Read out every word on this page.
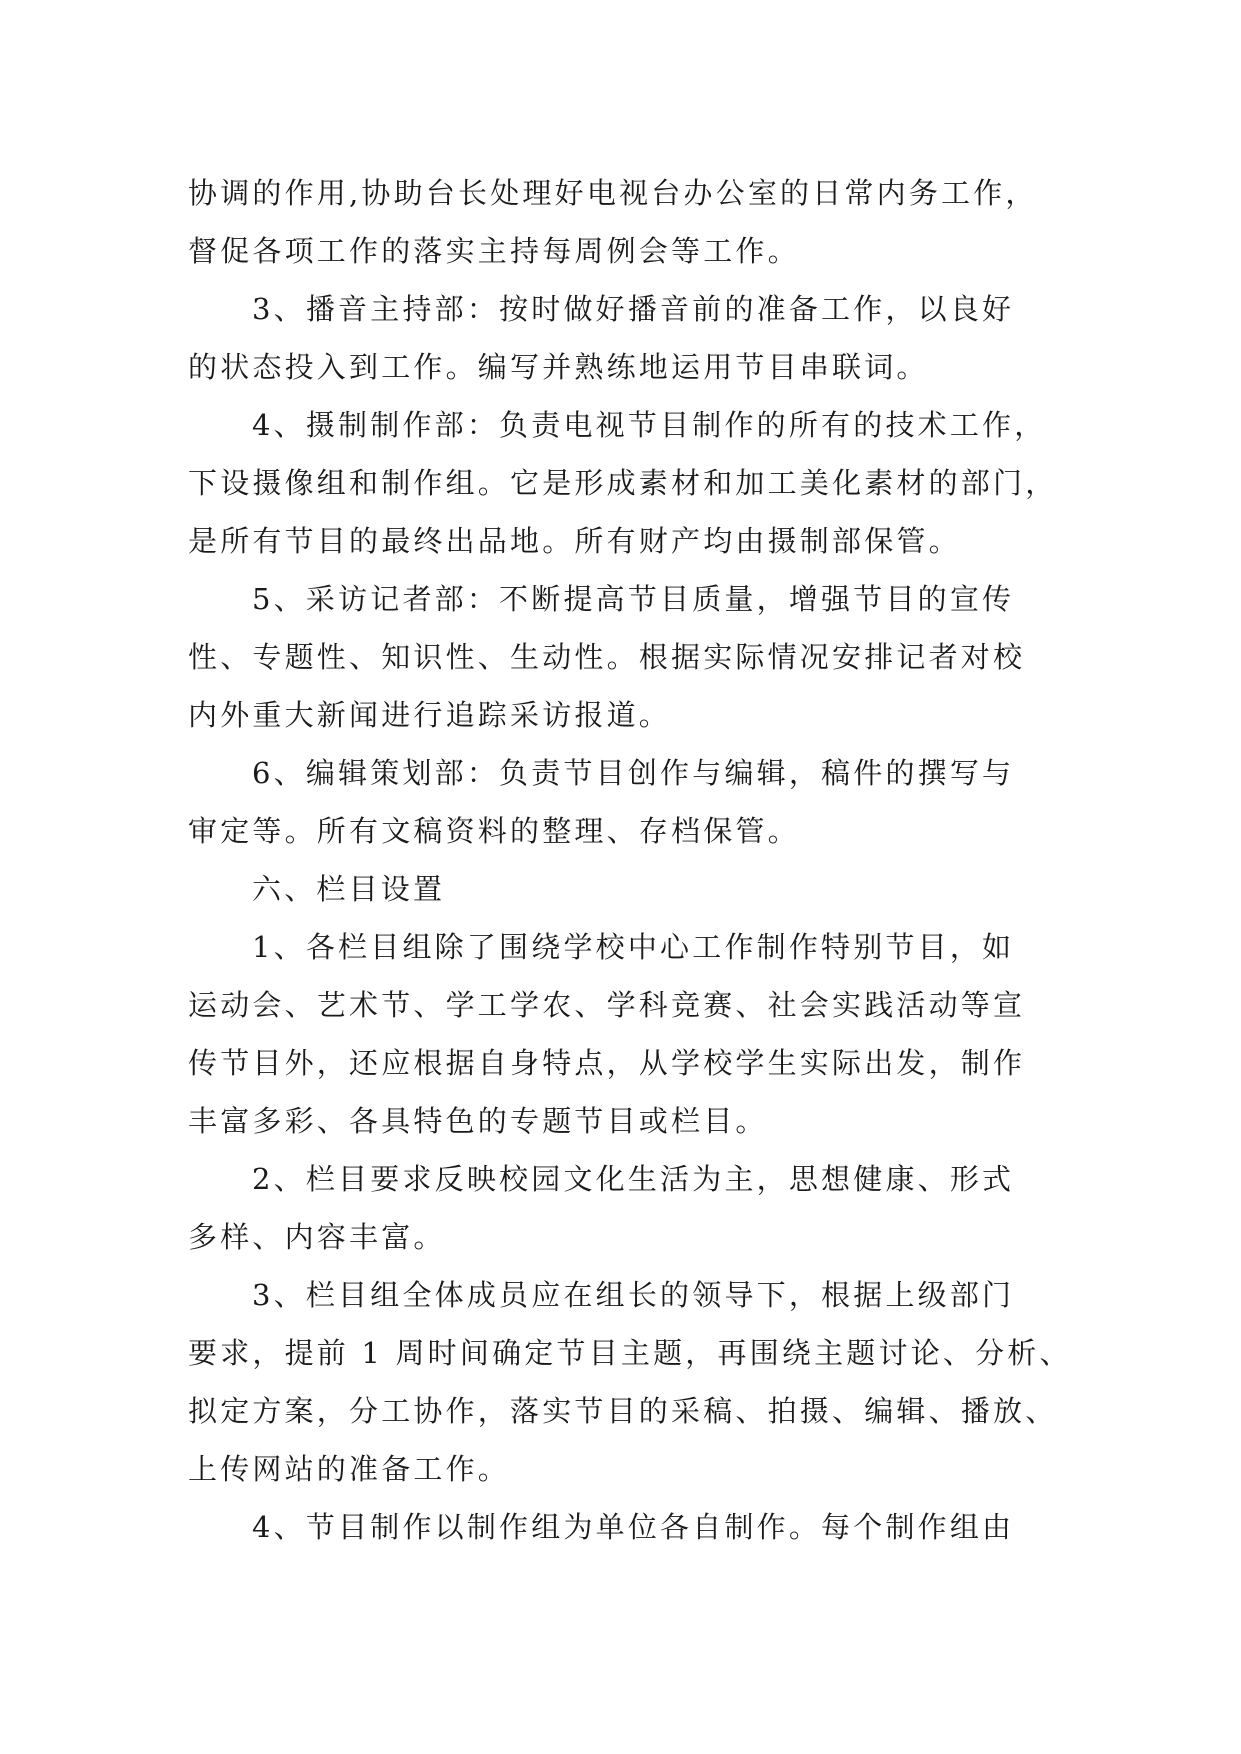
协调的作用,协助台长处理好电视台办公室的日常内务工作，
督促各项工作的落实主持每周例会等工作。
3、播音主持部：按时做好播音前的准备工作，以良好
的状态投入到工作。编写并熟练地运用节目串联词。
4、摄制制作部：负责电视节目制作的所有的技术工作，
下设摄像组和制作组。它是形成素材和加工美化素材的部门，
是所有节目的最终出品地。所有财产均由摄制部保管。
5、采访记者部：不断提高节目质量，增强节目的宣传
性、专题性、知识性、生动性。根据实际情况安排记者对校
内外重大新闻进行追踪采访报道。
6、编辑策划部：负责节目创作与编辑，稿件的撰写与
审定等。所有文稿资料的整理、存档保管。
六、栏目设置
1、各栏目组除了围绕学校中心工作制作特别节目，如
运动会、艺术节、学工学农、学科竞赛、社会实践活动等宣
传节目外，还应根据自身特点，从学校学生实际出发，制作
丰富多彩、各具特色的专题节目或栏目。
2、栏目要求反映校园文化生活为主，思想健康、形式
多样、内容丰富。
3、栏目组全体成员应在组长的领导下，根据上级部门
要求，提前 1 周时间确定节目主题，再围绕主题讨论、分析、
拟定方案，分工协作，落实节目的采稿、拍摄、编辑、播放、
上传网站的准备工作。
4、节目制作以制作组为单位各自制作。每个制作组由
